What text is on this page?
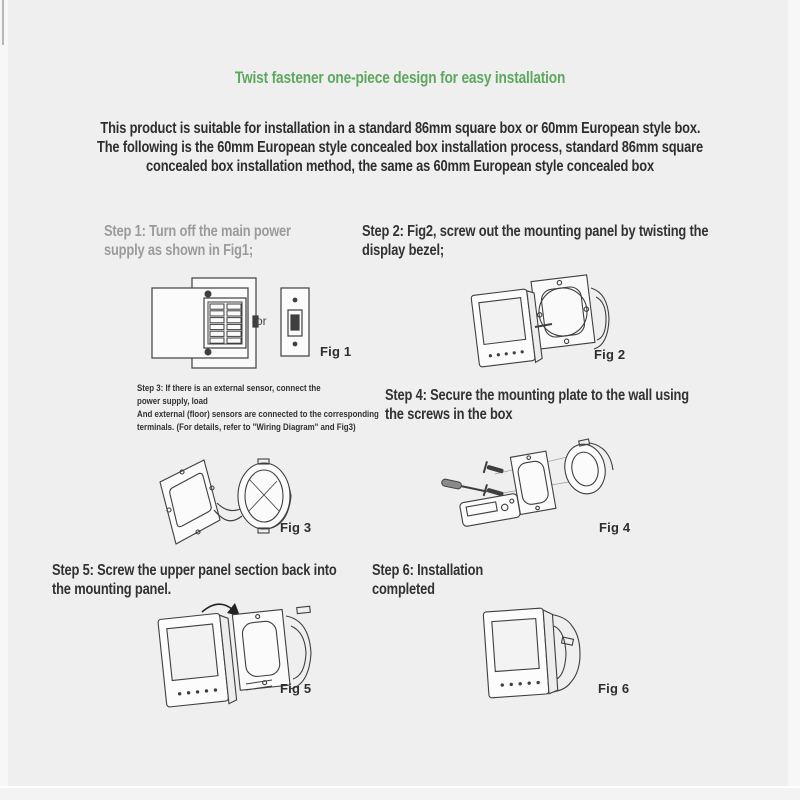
Twist fastener one-piece design for easy installation
This product is suitable for installation in a standard 86mm square box or 60mm European style box.
The following is the 60mm European style concealed box installation process, standard 86mm square
concealed box installation method, the same as 60mm European style concealed box
Step 1: Turn off the main power
supply as shown in Fig1;
Step 2: Fig2, screw out the mounting panel by twisting the
display bezel;
or
Fig 1	Fig 2
Step 3: If there is an external sensor, connect the
power supply, load
And external (floor) sensors are connected to the corresponding
terminals. (For details, refer to "Wiring Diagram" and Fig3)
Step 4: Secure the mounting plate to the wall using
the screws in the box
Fig 3	Fig 4
Step 5: Screw the upper panel section back into
the mounting panel.
Step 6: Installation
completed
Fig 5	Fig 6
